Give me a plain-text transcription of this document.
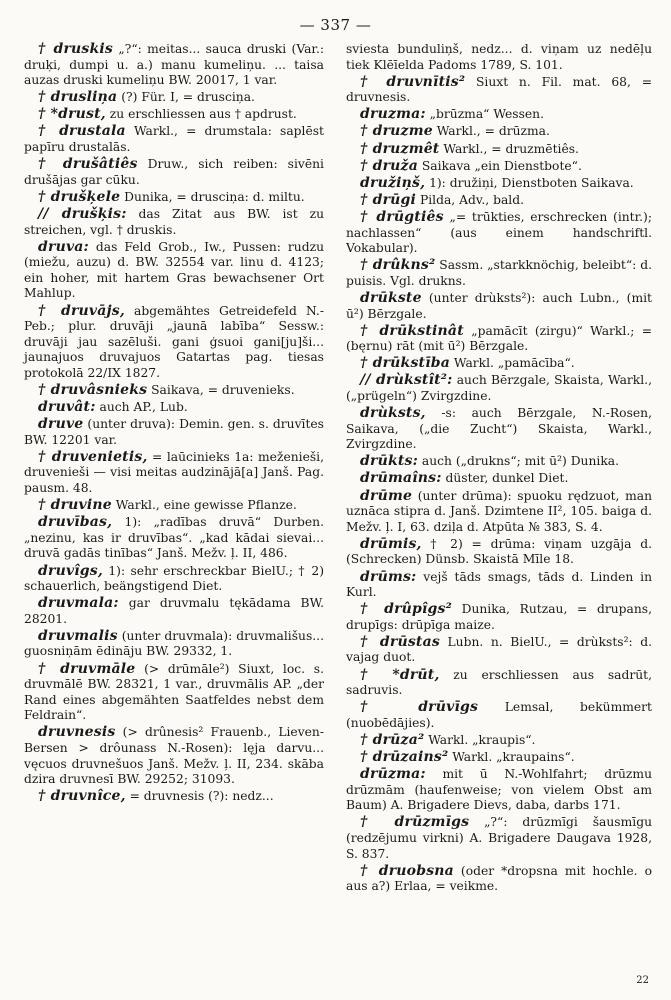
— 337 —

† druskis „?“: meitas... sauca druski (Var.: druķi, dumpi u. a.) manu kumeliņu. ... taisa auzas druski kumeliņu BW. 20017, 1 var.

† drusliņa (?) Für. I, = drusciņa.

† *drust, zu erschliessen aus † apdrust.

† drustala Warkl., = drumstala: saplēst papīru drustalās.

† drušâtiês Druw., sich reiben: sivēni drušājas gar cūku.

† drušķele Dunika, = drusciņa: d. miltu.

// drušķis: das Zitat aus BW. ist zu streichen, vgl. † druskis.

druva: das Feld Grob., Iw., Pussen: rudzu (miežu, auzu) d. BW. 32554 var. linu d. 4123; ein hoher, mit hartem Gras bewachsener Ort Mahlup.

† druvājs, abgemähtes Getreidefeld N.-Peb.; plur. druvāji „jaunā labība“ Sessw.: druvāji jau sazēluši. gani ģsuoi gani[ju]ši... jaunajuos druvajuos Gatartas pag. tiesas protokolā 22/IX 1827.

† druvâsnieks Saikava, = druvenieks.

druvât: auch AP., Lub.

druve (unter druva): Demin. gen. s. druvītes BW. 12201 var.

† druvenietis, = laūcinieks 1a: meženieši, druvenieši — visi meitas audzinājā[a] Janš. Pag. pausm. 48.

† druvine Warkl., eine gewisse Pflanze.

druvības, 1): „radības druvā“ Durben. „nezinu, kas ir druvības“. „kad kādai sievai... druvā gadās tinības“ Janš. Mežv. ļ. II, 486.

druvîgs, 1): sehr erschreckbar BielU.; † 2) schauerlich, beängstigend Diet.

druvmala: gar druvmalu tękādama BW. 28201.

druvmalis (unter druvmala): druvmališus... guosniņām ēdināju BW. 29332, 1.

† druvmāle (> drūmāle²) Siuxt, loc. s. druvmālē BW. 28321, 1 var., druvmālis AP. „der Rand eines abgemähten Saatfeldes nebst dem Feldrain“.

druvnesis (> drûnesis² Frauenb., Lieven-Bersen > drôunass N.-Rosen): lęja darvu... vęcuos druvnešuos Janš. Mežv. ļ. II, 234. skāba dzira druvnesī BW. 29252; 31093.

† druvnîce, = druvnesis (?): nedz...

sviesta bunduliņš, nedz... d. viņam uz nedēļu tiek Klēīelda Padoms 1789, S. 101.

† druvnītis² Siuxt n. Fil. mat. 68, = druvnesis.

druzma: „brūzma“ Wessen.

† druzme Warkl., = drūzma.

† druzmêt Warkl., = druzmētiês.

† druža Saikava „ein Dienstbote“.

družiņš, 1): družiņi, Dienstboten Saikava.

† drūgi Pilda, Adv., bald.

† drūgtiês „= trūkties, erschrecken (intr.); nachlassen“ (aus einem handschriftl. Vokabular).

† drûkns² Sassm. „starkknöchig, beleibt“: d. puisis. Vgl. drukns.

drūkste (unter drùksts²): auch Lubn., (mit ū²) Bērzgale.

† drūkstinât „pamācīt (zirgu)“ Warkl.; = (bęrnu) rāt (mit ū²) Bērzgale.

† drūkstība Warkl. „pamācība“.

// drùkstît²: auch Bērzgale, Skaista, Warkl., („prügeln“) Zvirgzdine.

drùksts, -s: auch Bērzgale, N.-Rosen, Saikava, („die Zucht“) Skaista, Warkl., Zvirgzdine.

drūkts: auch („drukns“; mit ū²) Dunika.

drūmaîns: düster, dunkel Diet.

drūme (unter drūma): spuoku rędzuot, man uznāca stipra d. Janš. Dzimtene II², 105. baiga d. Mežv. ļ. I, 63. dziļa d. Atpūta № 383, S. 4.

drūmis, † 2) = drūma: viņam uzgāja d. (Schrecken) Dünsb. Skaistā Mīle 18.

drūms: vejš tāds smags, tāds d. Linden in Kurl.

† drûpîgs² Dunika, Rutzau, = drupans, drupīgs: drūpīga maize.

† drūstas Lubn. n. BielU., = drùksts²: d. vajag duot.

† *drūt, zu erschliessen aus sadrūt, sadruvis.

† drūvīgs Lemsal, bekümmert (nuobēdājies).

† drūza² Warkl. „kraupis“.

† drūzains² Warkl. „kraupains“.

drūzma: mit ū N.-Wohlfahrt; drūzmu drūzmām (haufenweise; von vielem Obst am Baum) A. Brigadere Dievs, daba, darbs 171.

† drūzmīgs „?“: drūzmīgi šausmīgu (redzējumu virkni) A. Brigadere Daugava 1928, S. 837.

† druobsna (oder *dropsna mit hochle. o aus a?) Erlaa, = veikme.

22
